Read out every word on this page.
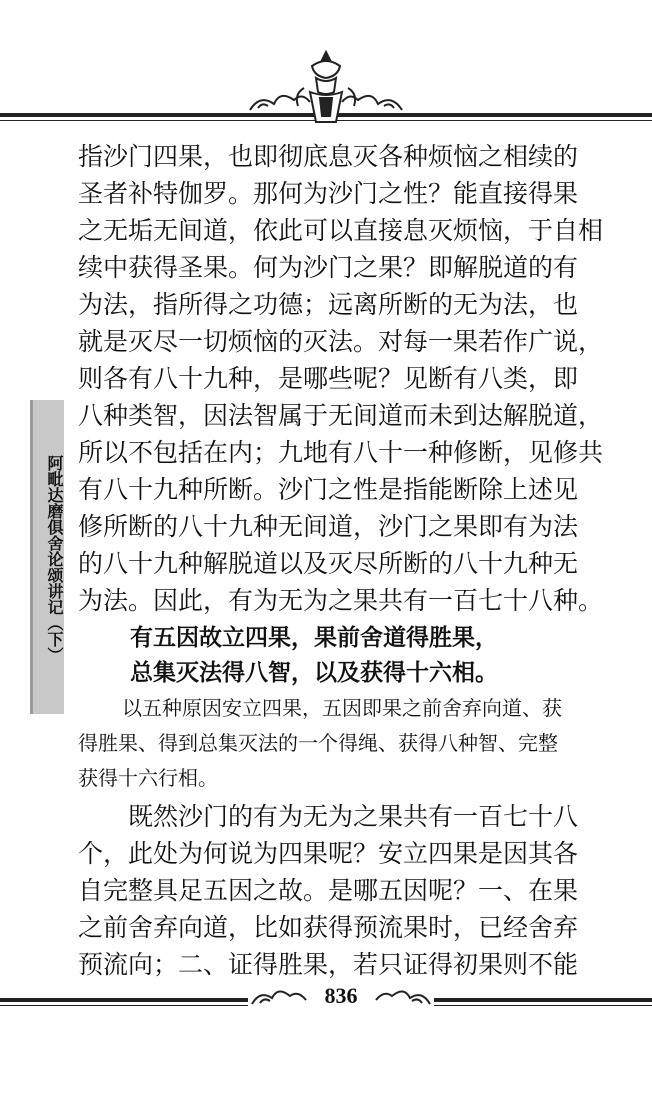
阿毗达磨俱舍论颂讲记（下）
指沙门四果，也即彻底息灭各种烦恼之相续的
圣者补特伽罗。那何为沙门之性？能直接得果
之无垢无间道，依此可以直接息灭烦恼，于自相
续中获得圣果。何为沙门之果？即解脱道的有
为法，指所得之功德；远离所断的无为法，也
就是灭尽一切烦恼的灭法。对每一果若作广说，
则各有八十九种，是哪些呢？见断有八类，即
八种类智，因法智属于无间道而未到达解脱道，
所以不包括在内；九地有八十一种修断，见修共
有八十九种所断。沙门之性是指能断除上述见
修所断的八十九种无间道，沙门之果即有为法
的八十九种解脱道以及灭尽所断的八十九种无
为法。因此，有为无为之果共有一百七十八种。
有五因故立四果，果前舍道得胜果，
总集灭法得八智，以及获得十六相。
以五种原因安立四果，五因即果之前舍弃向道、获
得胜果、得到总集灭法的一个得绳、获得八种智、完整
获得十六行相。
既然沙门的有为无为之果共有一百七十八
个，此处为何说为四果呢？安立四果是因其各
自完整具足五因之故。是哪五因呢？一、在果
之前舍弃向道，比如获得预流果时，已经舍弃
预流向；二、证得胜果，若只证得初果则不能
836
